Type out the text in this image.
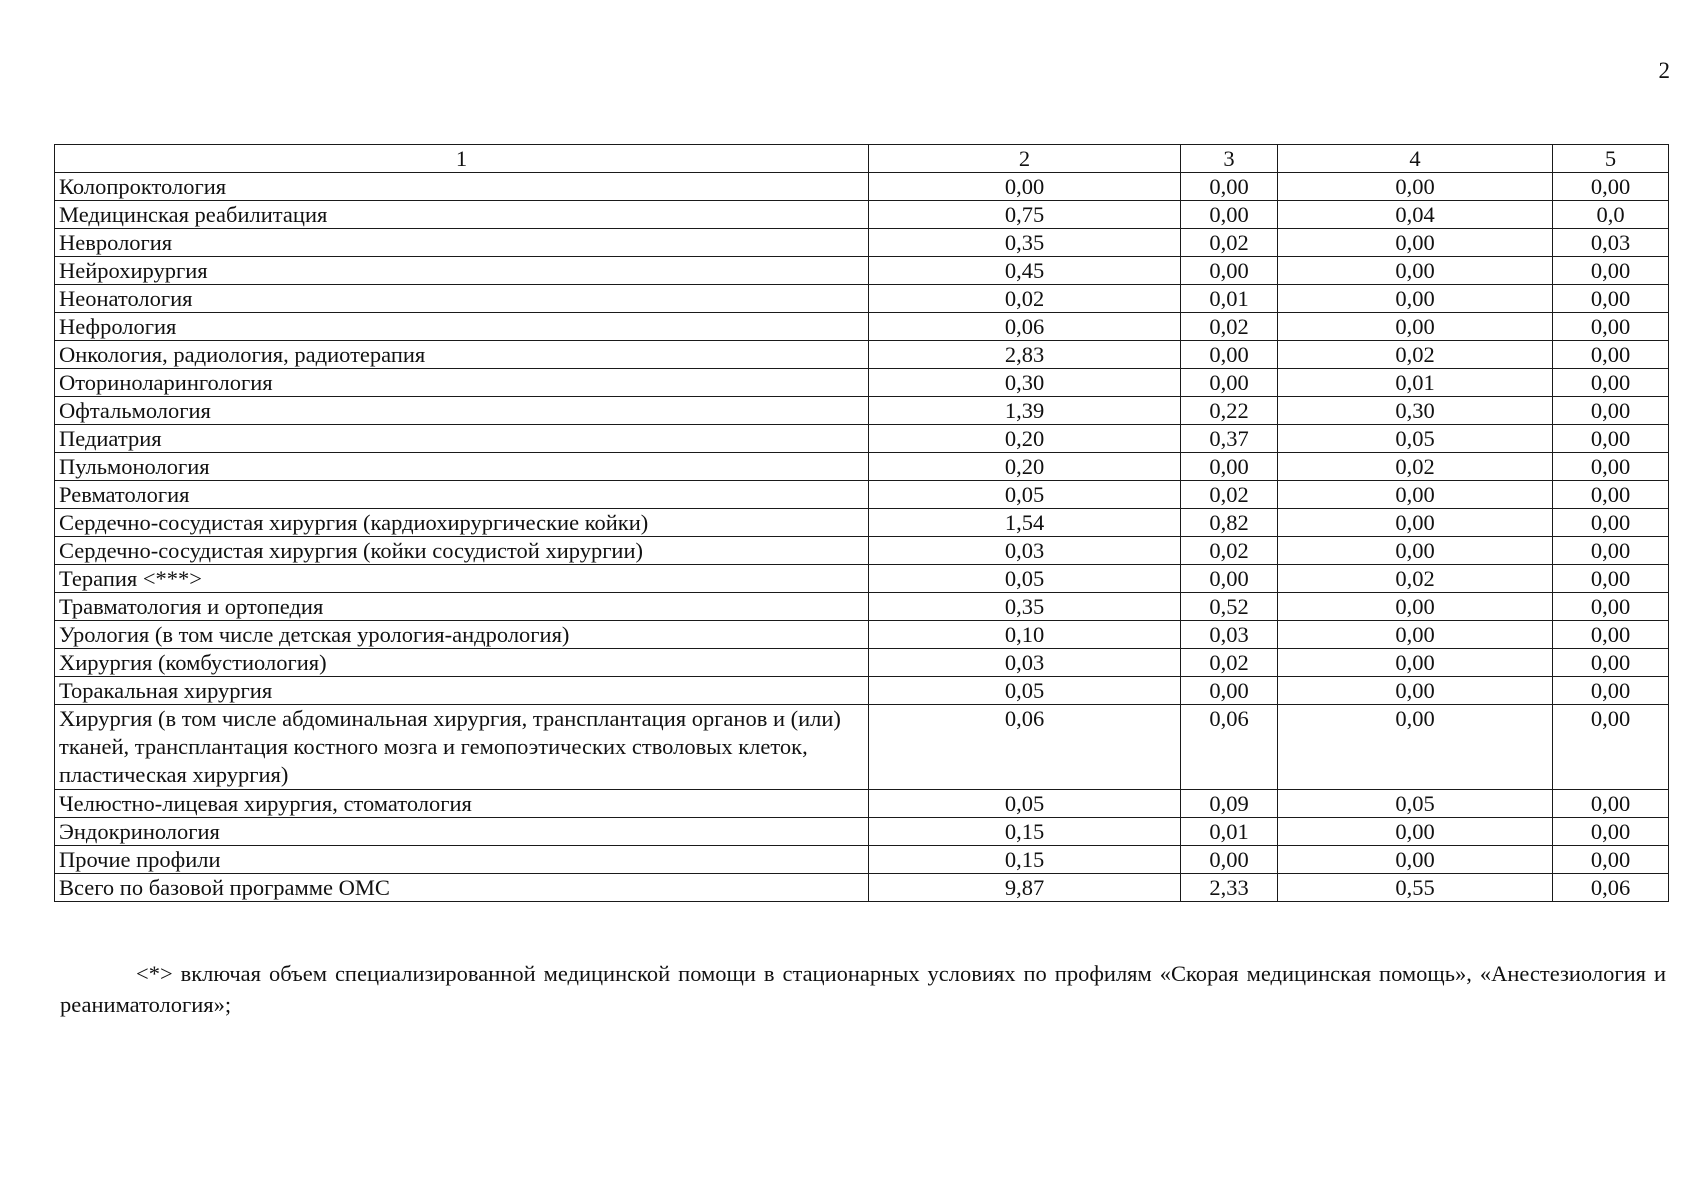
2
1	2	3	4	5
Колопроктология	0,00	0,00	0,00	0,00
Медицинская реабилитация	0,75	0,00	0,04	0,0
Неврология	0,35	0,02	0,00	0,03
Нейрохирургия	0,45	0,00	0,00	0,00
Неонатология	0,02	0,01	0,00	0,00
Нефрология	0,06	0,02	0,00	0,00
Онкология, радиология, радиотерапия	2,83	0,00	0,02	0,00
Оториноларингология	0,30	0,00	0,01	0,00
Офтальмология	1,39	0,22	0,30	0,00
Педиатрия	0,20	0,37	0,05	0,00
Пульмонология	0,20	0,00	0,02	0,00
Ревматология	0,05	0,02	0,00	0,00
Сердечно-сосудистая хирургия (кардиохирургические койки)	1,54	0,82	0,00	0,00
Сердечно-сосудистая хирургия (койки сосудистой хирургии)	0,03	0,02	0,00	0,00
Терапия <***>	0,05	0,00	0,02	0,00
Травматология и ортопедия	0,35	0,52	0,00	0,00
Урология (в том числе детская урология-андрология)	0,10	0,03	0,00	0,00
Хирургия (комбустиология)	0,03	0,02	0,00	0,00
Торакальная хирургия	0,05	0,00	0,00	0,00
Хирургия (в том числе абдоминальная хирургия, трансплантация органов и (или) тканей, трансплантация костного мозга и гемопоэтических стволовых клеток, пластическая хирургия)	0,06	0,06	0,00	0,00
Челюстно-лицевая хирургия, стоматология	0,05	0,09	0,05	0,00
Эндокринология	0,15	0,01	0,00	0,00
Прочие профили	0,15	0,00	0,00	0,00
Всего по базовой программе ОМС	9,87	2,33	0,55	0,06
<*> включая объем специализированной медицинской помощи в стационарных условиях по профилям «Скорая медицинская помощь», «Анестезиология и реаниматология»;
